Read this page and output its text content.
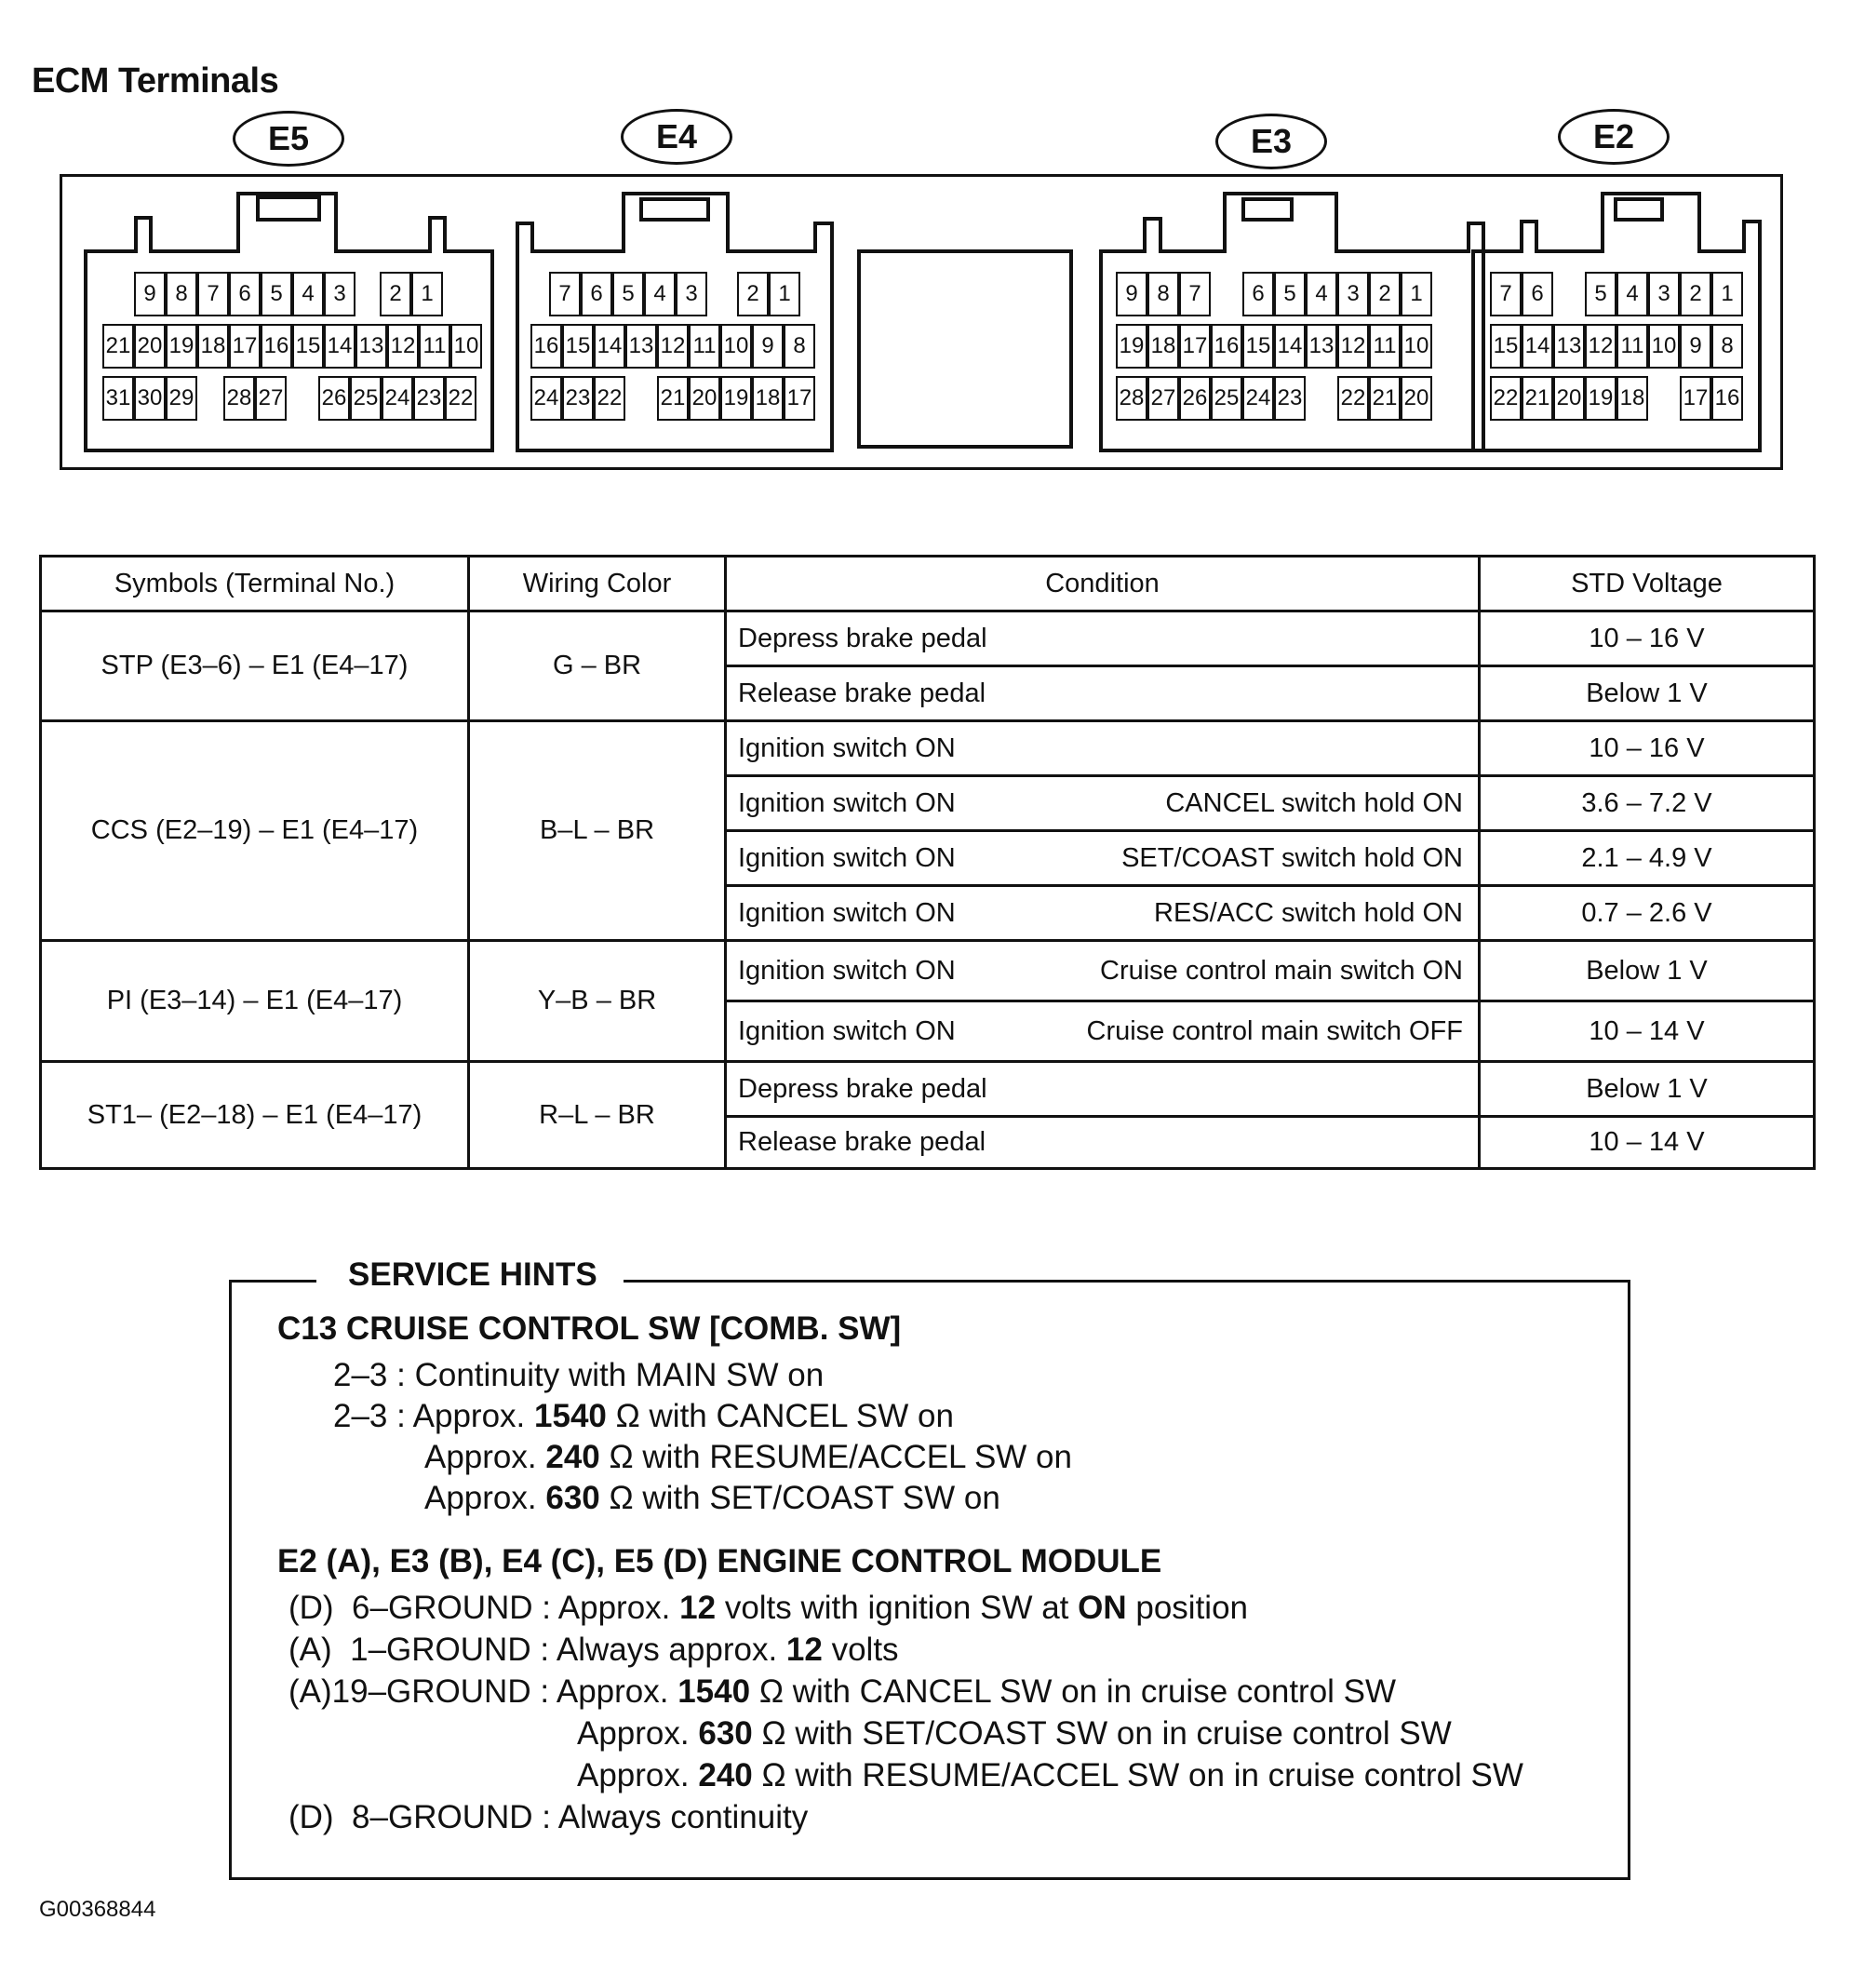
ECM Terminals
E5	E4	E3	E2
9 8 7 6 5 4 3	2 1
21 20 19 18 17 16 15 14 13 12 11 10
31 30 29 28 27 26 25 24 23 22
7 6 5 4 3	2 1
16 15 14 13 12 11 10 9 8
24 23 22 21 20 19 18 17
9 8 7	6 5 4 3 2 1
19 18 17 16 15 14 13 12 11 10
28 27 26 25 24 23 22 21 20
7 6	5 4 3 2 1
15 14 13 12 11 10 9 8
22 21 20 19 18 17 16
Symbols (Terminal No.)	Wiring Color	Condition	STD Voltage
STP (E3–6) – E1 (E4–17)	G – BR	Depress brake pedal	10 – 16 V

		Release brake pedal	Below 1 V
CCS (E2–19) – E1 (E4–17)	B–L – BR	Ignition switch ON	10 – 16 V

		Ignition switch ON CANCEL switch hold ON	3.6 – 7.2 V

		Ignition switch ON SET/COAST switch hold ON	2.1 – 4.9 V

		Ignition switch ON RES/ACC switch hold ON	0.7 – 2.6 V
PI (E3–14) – E1 (E4–17)	Y–B – BR	Ignition switch ON Cruise control main switch ON	Below 1 V

		Ignition switch ON Cruise control main switch OFF	10 – 14 V
ST1– (E2–18) – E1 (E4–17)	R–L – BR	Depress brake pedal	Below 1 V

		Release brake pedal	10 – 14 V
SERVICE HINTS
C13 CRUISE CONTROL SW [COMB. SW]
2–3 : Continuity with MAIN SW on
2–3 : Approx. 1540 Ω with CANCEL SW on
Approx. 240 Ω with RESUME/ACCEL SW on
Approx. 630 Ω with SET/COAST SW on
E2 (A), E3 (B), E4 (C), E5 (D) ENGINE CONTROL MODULE
(D) 6–GROUND : Approx. 12 volts with ignition SW at ON position
(A) 1–GROUND : Always approx. 12 volts
(A)19–GROUND : Approx. 1540 Ω with CANCEL SW on in cruise control SW
Approx. 630 Ω with SET/COAST SW on in cruise control SW
Approx. 240 Ω with RESUME/ACCEL SW on in cruise control SW
(D) 8–GROUND : Always continuity
G00368844
